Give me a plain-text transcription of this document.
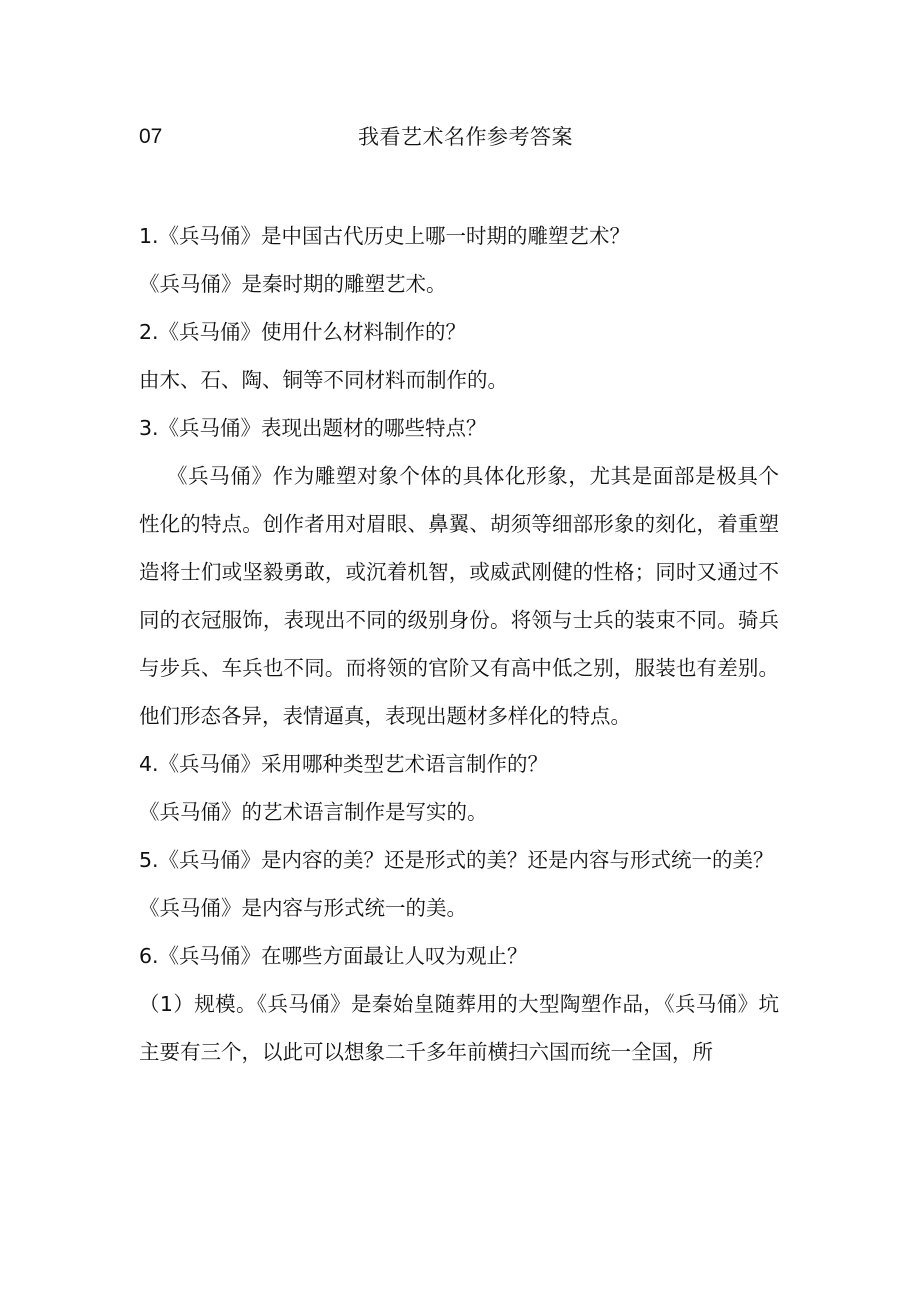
07	我看艺术名作参考答案

1.《兵马俑》是中国古代历史上哪一时期的雕塑艺术？

《兵马俑》是秦时期的雕塑艺术。

2.《兵马俑》使用什么材料制作的？

由木、石、陶、铜等不同材料而制作的。

3.《兵马俑》表现出题材的哪些特点？

《兵马俑》作为雕塑对象个体的具体化形象，尤其是面部是极具个性化的特点。创作者用对眉眼、鼻翼、胡须等细部形象的刻化，着重塑造将士们或坚毅勇敢，或沉着机智，或威武刚健的性格；同时又通过不同的衣冠服饰，表现出不同的级别身份。将领与士兵的装束不同。骑兵与步兵、车兵也不同。而将领的官阶又有高中低之别，服装也有差别。他们形态各异，表情逼真，表现出题材多样化的特点。

4.《兵马俑》采用哪种类型艺术语言制作的？

《兵马俑》的艺术语言制作是写实的。

5.《兵马俑》是内容的美？还是形式的美？还是内容与形式统一的美？

《兵马俑》是内容与形式统一的美。

6.《兵马俑》在哪些方面最让人叹为观止？

（1）规模。《兵马俑》是秦始皇随葬用的大型陶塑作品，《兵马俑》坑主要有三个，以此可以想象二千多年前横扫六国而统一全国，所
